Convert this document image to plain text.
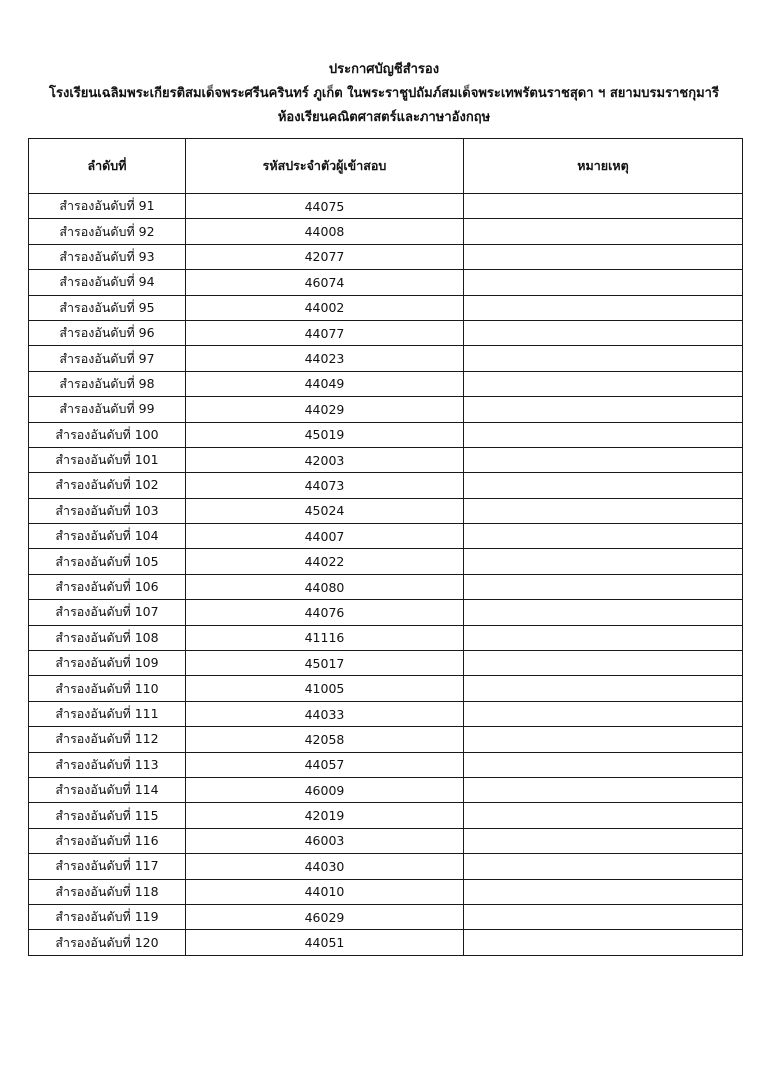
ประกาศบัญชีสำรอง
โรงเรียนเฉลิมพระเกียรติสมเด็จพระศรีนครินทร์ ภูเก็ต ในพระราชูปถัมภ์สมเด็จพระเทพรัตนราชสุดา ฯ สยามบรมราชกุมารี
ห้องเรียนคณิตศาสตร์และภาษาอังกฤษ
ลำดับที่	รหัสประจำตัวผู้เข้าสอบ	หมายเหตุ
สำรองอันดับที่ 91	44075	
สำรองอันดับที่ 92	44008	
สำรองอันดับที่ 93	42077	
สำรองอันดับที่ 94	46074	
สำรองอันดับที่ 95	44002	
สำรองอันดับที่ 96	44077	
สำรองอันดับที่ 97	44023	
สำรองอันดับที่ 98	44049	
สำรองอันดับที่ 99	44029	
สำรองอันดับที่ 100	45019	
สำรองอันดับที่ 101	42003	
สำรองอันดับที่ 102	44073	
สำรองอันดับที่ 103	45024	
สำรองอันดับที่ 104	44007	
สำรองอันดับที่ 105	44022	
สำรองอันดับที่ 106	44080	
สำรองอันดับที่ 107	44076	
สำรองอันดับที่ 108	41116	
สำรองอันดับที่ 109	45017	
สำรองอันดับที่ 110	41005	
สำรองอันดับที่ 111	44033	
สำรองอันดับที่ 112	42058	
สำรองอันดับที่ 113	44057	
สำรองอันดับที่ 114	46009	
สำรองอันดับที่ 115	42019	
สำรองอันดับที่ 116	46003	
สำรองอันดับที่ 117	44030	
สำรองอันดับที่ 118	44010	
สำรองอันดับที่ 119	46029	
สำรองอันดับที่ 120	44051	
